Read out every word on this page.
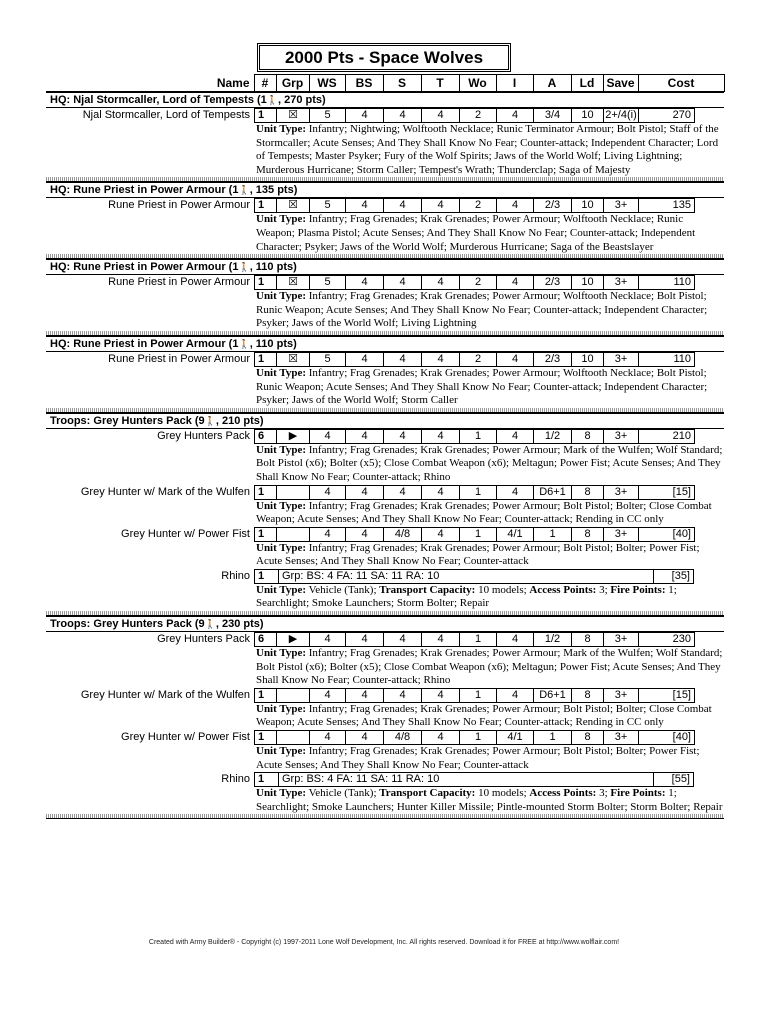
2000 Pts - Space Wolves
Name	#	Grp	WS	BS	S	T	Wo	I	A	Ld	Save	Cost
HQ: Njal Stormcaller, Lord of Tempests (1🚶, 270 pts)
Njal Stormcaller, Lord of Tempests 1	☒	5	4	4	4	2	4	3/4	10	2+/4(i)	270
Unit Type: Infantry; Nightwing; Wolftooth Necklace; Runic Terminator Armour; Bolt Pistol; Staff of the Stormcaller; Acute Senses; And They Shall Know No Fear; Counter-attack; Independent Character; Lord of Tempests; Master Psyker; Fury of the Wolf Spirits; Jaws of the World Wolf; Living Lightning; Murderous Hurricane; Storm Caller; Tempest's Wrath; Thunderclap; Saga of Majesty
HQ: Rune Priest in Power Armour (1🚶, 135 pts)
Rune Priest in Power Armour 1	☒	5	4	4	4	2	4	2/3	10	3+	135
Unit Type: Infantry; Frag Grenades; Krak Grenades; Power Armour; Wolftooth Necklace; Runic Weapon; Plasma Pistol; Acute Senses; And They Shall Know No Fear; Counter-attack; Independent Character; Psyker; Jaws of the World Wolf; Murderous Hurricane; Saga of the Beastslayer
HQ: Rune Priest in Power Armour (1🚶, 110 pts)
Rune Priest in Power Armour 1	☒	5	4	4	4	2	4	2/3	10	3+	110
Unit Type: Infantry; Frag Grenades; Krak Grenades; Power Armour; Wolftooth Necklace; Bolt Pistol; Runic Weapon; Acute Senses; And They Shall Know No Fear; Counter-attack; Independent Character; Psyker; Jaws of the World Wolf; Living Lightning
HQ: Rune Priest in Power Armour (1🚶, 110 pts)
Rune Priest in Power Armour 1	☒	5	4	4	4	2	4	2/3	10	3+	110
Unit Type: Infantry; Frag Grenades; Krak Grenades; Power Armour; Wolftooth Necklace; Bolt Pistol; Runic Weapon; Acute Senses; And They Shall Know No Fear; Counter-attack; Independent Character; Psyker; Jaws of the World Wolf; Storm Caller
Troops: Grey Hunters Pack (9🚶, 210 pts)
Grey Hunters Pack 6	▶	4	4	4	4	1	4	1/2	8	3+	210
Unit Type: Infantry; Frag Grenades; Krak Grenades; Power Armour; Mark of the Wulfen; Wolf Standard; Bolt Pistol (x6); Bolter (x5); Close Combat Weapon (x6); Meltagun; Power Fist; Acute Senses; And They Shall Know No Fear; Counter-attack; Rhino
Grey Hunter w/ Mark of the Wulfen 1		4	4	4	4	1	4	D6+1	8	3+	[15]
Unit Type: Infantry; Frag Grenades; Krak Grenades; Power Armour; Bolt Pistol; Bolter; Close Combat Weapon; Acute Senses; And They Shall Know No Fear; Counter-attack; Rending in CC only
Grey Hunter w/ Power Fist 1		4	4	4/8	4	1	4/1	1	8	3+	[40]
Unit Type: Infantry; Frag Grenades; Krak Grenades; Power Armour; Bolt Pistol; Bolter; Power Fist; Acute Senses; And They Shall Know No Fear; Counter-attack
Rhino 1	Grp: BS: 4 FA: 11 SA: 11 RA: 10	[35]
Unit Type: Vehicle (Tank); Transport Capacity: 10 models; Access Points: 3; Fire Points: 1; Searchlight; Smoke Launchers; Storm Bolter; Repair
Troops: Grey Hunters Pack (9🚶, 230 pts)
Grey Hunters Pack 6	▶	4	4	4	4	1	4	1/2	8	3+	230
Unit Type: Infantry; Frag Grenades; Krak Grenades; Power Armour; Mark of the Wulfen; Wolf Standard; Bolt Pistol (x6); Bolter (x5); Close Combat Weapon (x6); Meltagun; Power Fist; Acute Senses; And They Shall Know No Fear; Counter-attack; Rhino
Grey Hunter w/ Mark of the Wulfen 1		4	4	4	4	1	4	D6+1	8	3+	[15]
Unit Type: Infantry; Frag Grenades; Krak Grenades; Power Armour; Bolt Pistol; Bolter; Close Combat Weapon; Acute Senses; And They Shall Know No Fear; Counter-attack; Rending in CC only
Grey Hunter w/ Power Fist 1		4	4	4/8	4	1	4/1	1	8	3+	[40]
Unit Type: Infantry; Frag Grenades; Krak Grenades; Power Armour; Bolt Pistol; Bolter; Power Fist; Acute Senses; And They Shall Know No Fear; Counter-attack
Rhino 1	Grp: BS: 4 FA: 11 SA: 11 RA: 10	[55]
Unit Type: Vehicle (Tank); Transport Capacity: 10 models; Access Points: 3; Fire Points: 1; Searchlight; Smoke Launchers; Hunter Killer Missile; Pintle-mounted Storm Bolter; Storm Bolter; Repair
Created with Army Builder® - Copyright (c) 1997-2011 Lone Wolf Development, Inc. All rights reserved. Download it for FREE at http://www.wolflair.com!
